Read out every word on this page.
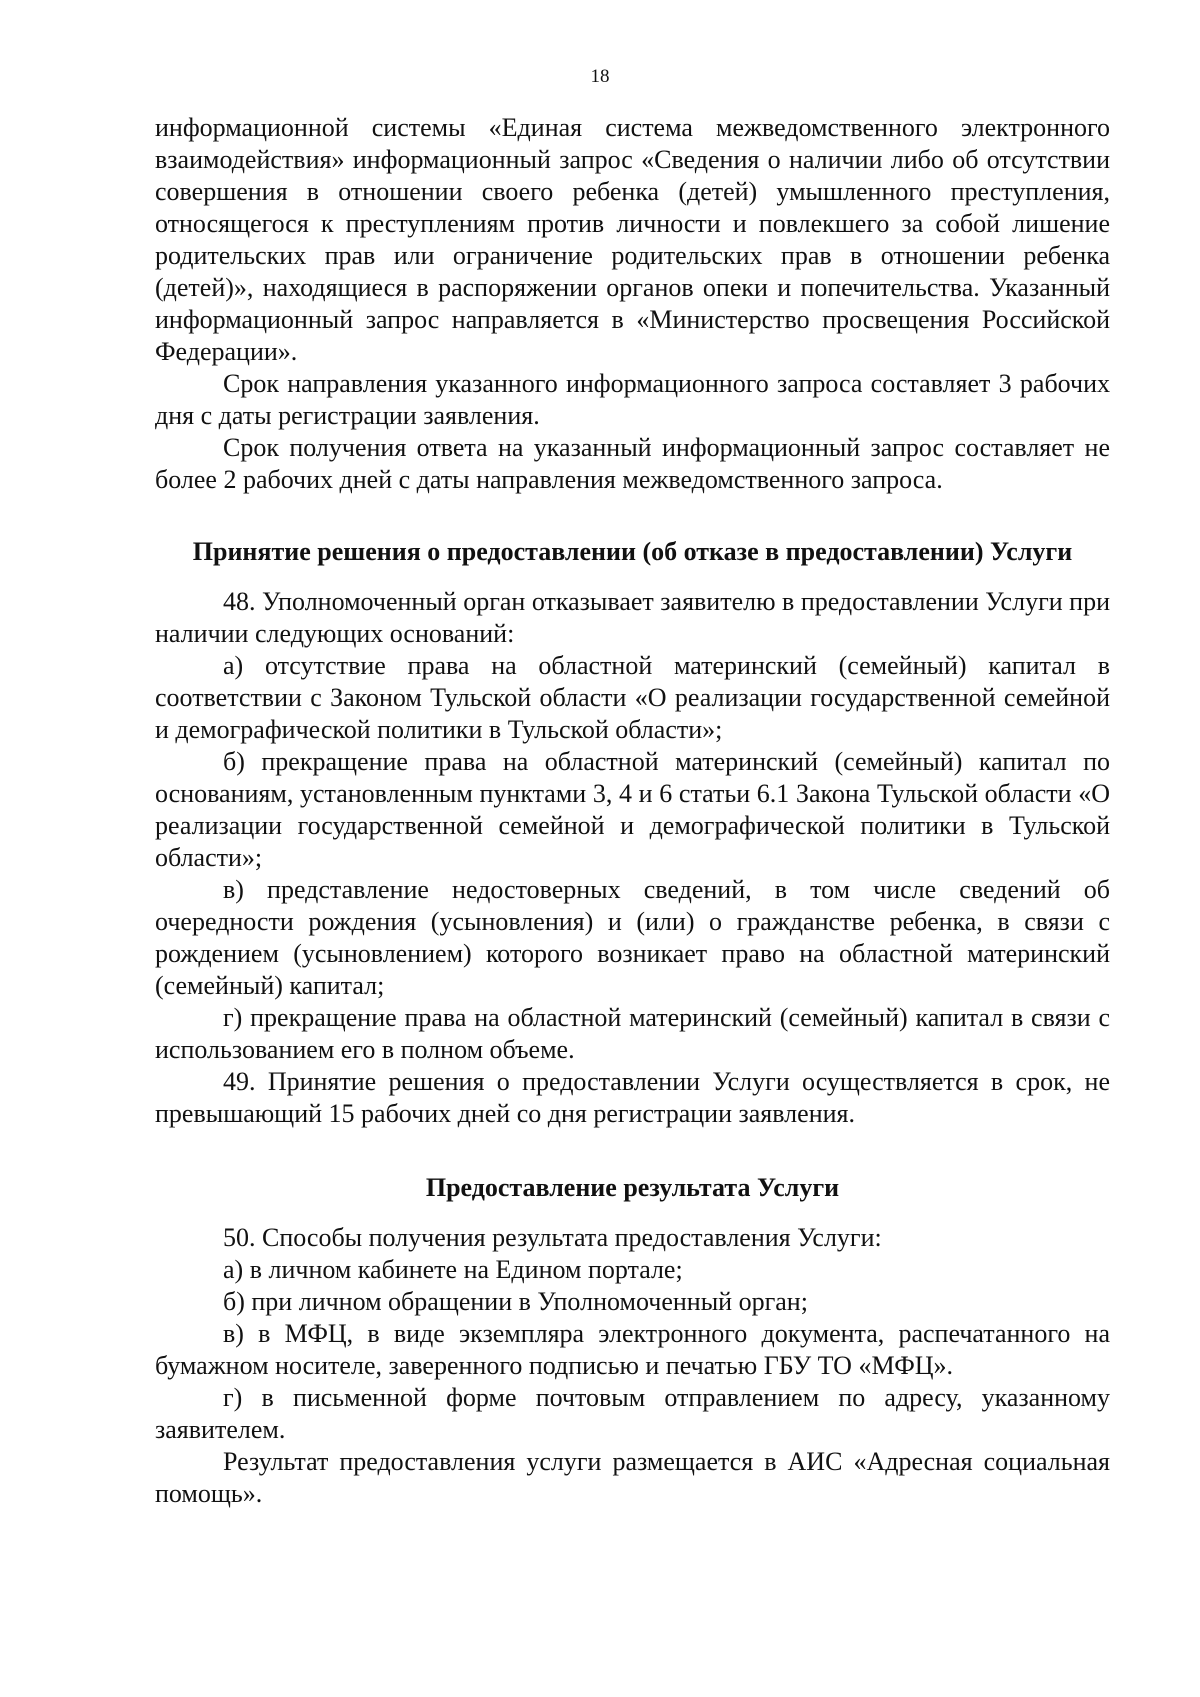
18

информационной системы «Единая система межведомственного электронного взаимодействия» информационный запрос «Сведения о наличии либо об отсутствии совершения в отношении своего ребенка (детей) умышленного преступления, относящегося к преступлениям против личности и повлекшего за собой лишение родительских прав или ограничение родительских прав в отношении ребенка (детей)», находящиеся в распоряжении органов опеки и попечительства. Указанный информационный запрос направляется в «Министерство просвещения Российской Федерации».

Срок направления указанного информационного запроса составляет 3 рабочих дня с даты регистрации заявления.

Срок получения ответа на указанный информационный запрос составляет не более 2 рабочих дней с даты направления межведомственного запроса.

Принятие решения о предоставлении (об отказе в предоставлении) Услуги

48. Уполномоченный орган отказывает заявителю в предоставлении Услуги при наличии следующих оснований:

а) отсутствие права на областной материнский (семейный) капитал в соответствии с Законом Тульской области «О реализации государственной семейной и демографической политики в Тульской области»;

б) прекращение права на областной материнский (семейный) капитал по основаниям, установленным пунктами 3, 4 и 6 статьи 6.1 Закона Тульской области «О реализации государственной семейной и демографической политики в Тульской области»;

в) представление недостоверных сведений, в том числе сведений об очередности рождения (усыновления) и (или) о гражданстве ребенка, в связи с рождением (усыновлением) которого возникает право на областной материнский (семейный) капитал;

г) прекращение права на областной материнский (семейный) капитал в связи с использованием его в полном объеме.

49. Принятие решения о предоставлении Услуги осуществляется в срок, не превышающий 15 рабочих дней со дня регистрации заявления.

Предоставление результата Услуги

50. Способы получения результата предоставления Услуги:

а) в личном кабинете на Едином портале;

б) при личном обращении в Уполномоченный орган;

в) в МФЦ, в виде экземпляра электронного документа, распечатанного на бумажном носителе, заверенного подписью и печатью ГБУ ТО «МФЦ».

г) в письменной форме почтовым отправлением по адресу, указанному заявителем.

Результат предоставления услуги размещается в АИС «Адресная социальная помощь».
